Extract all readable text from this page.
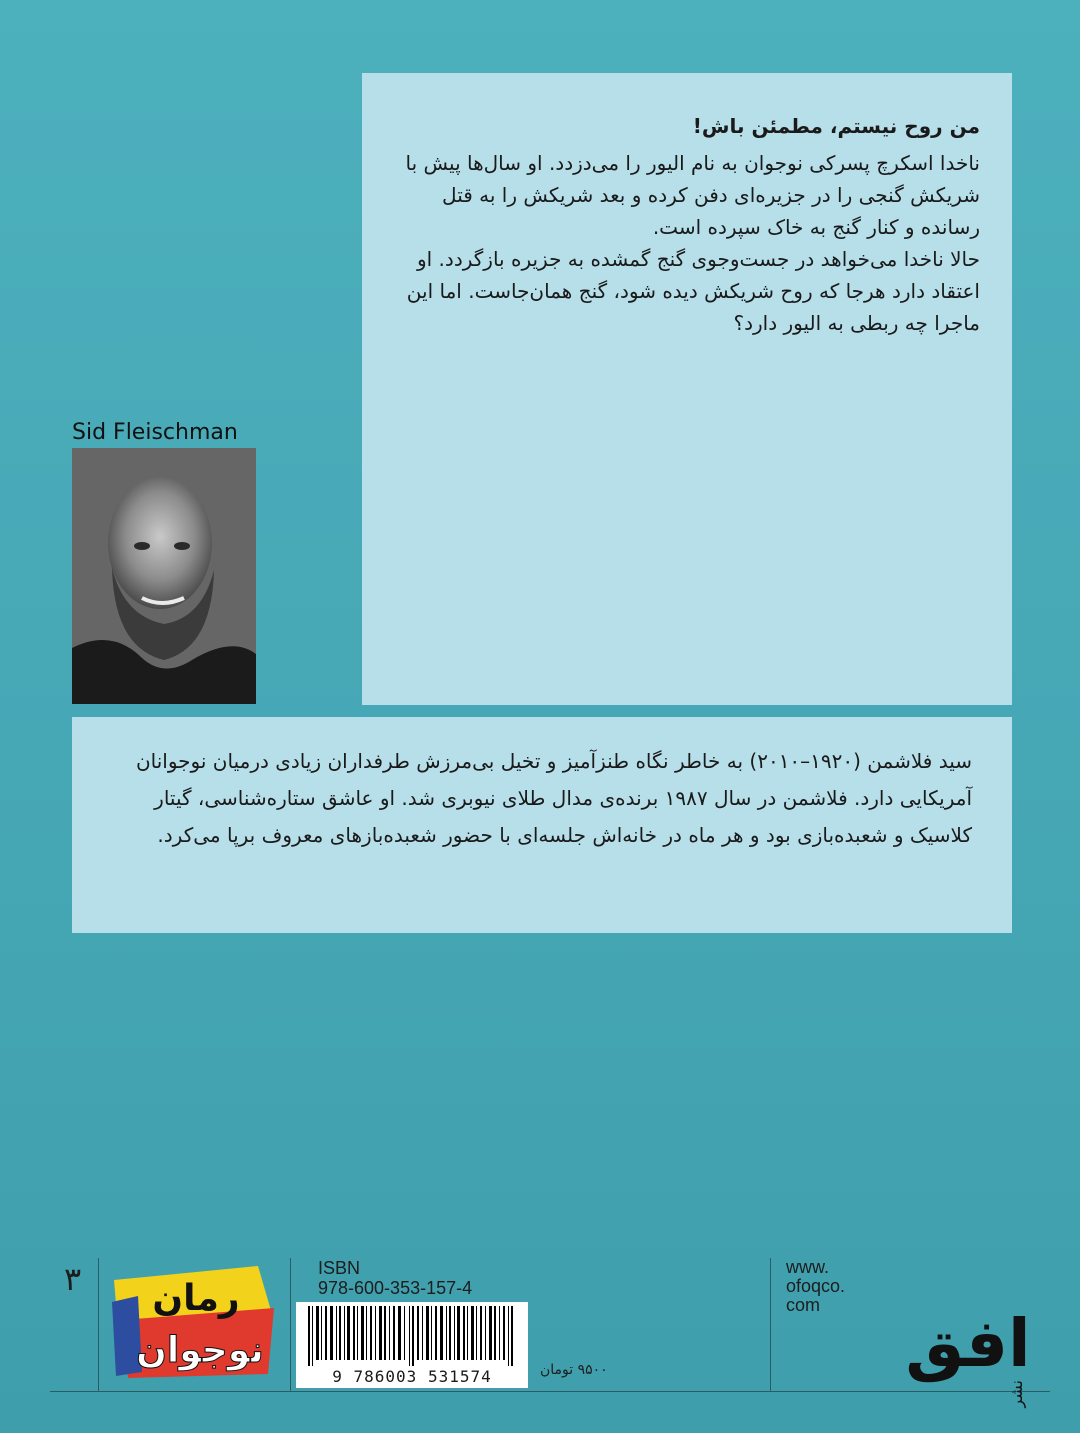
من روح نیستم، مطمئن باش!

ناخدا اسکرچ پسرکی نوجوان به نام الیور را می‌دزدد. او سال‌ها پیش با شریکش گنجی را در جزیره‌ای دفن کرده و بعد شریکش را به قتل رسانده و کنار گنج به خاک سپرده است.

حالا ناخدا می‌خواهد در جست‌وجوی گنج گمشده به جزیره بازگردد. او اعتقاد دارد هرجا که روح شریکش دیده شود، گنج همان‌جاست. اما این ماجرا چه ربطی به الیور دارد؟

Sid Fleischman

سید فلاشمن (۱۹۲۰–۲۰۱۰) به خاطر نگاه طنزآمیز و تخیل بی‌مرزش طرفداران زیادی درمیان نوجوانان آمریکایی دارد. فلاشمن در سال ۱۹۸۷ برنده‌ی مدال طلای نیوبری شد. او عاشق ستاره‌شناسی، گیتار کلاسیک و شعبده‌بازی بود و هر ماه در خانه‌اش جلسه‌ای با حضور شعبده‌بازهای معروف برپا می‌کرد.

۳ رمان
نوجوان
ISBN
978-600-353-157-4
9 786003 531574	۹۵۰۰ تومان
www.
ofoqco.
com	افق
نشر
